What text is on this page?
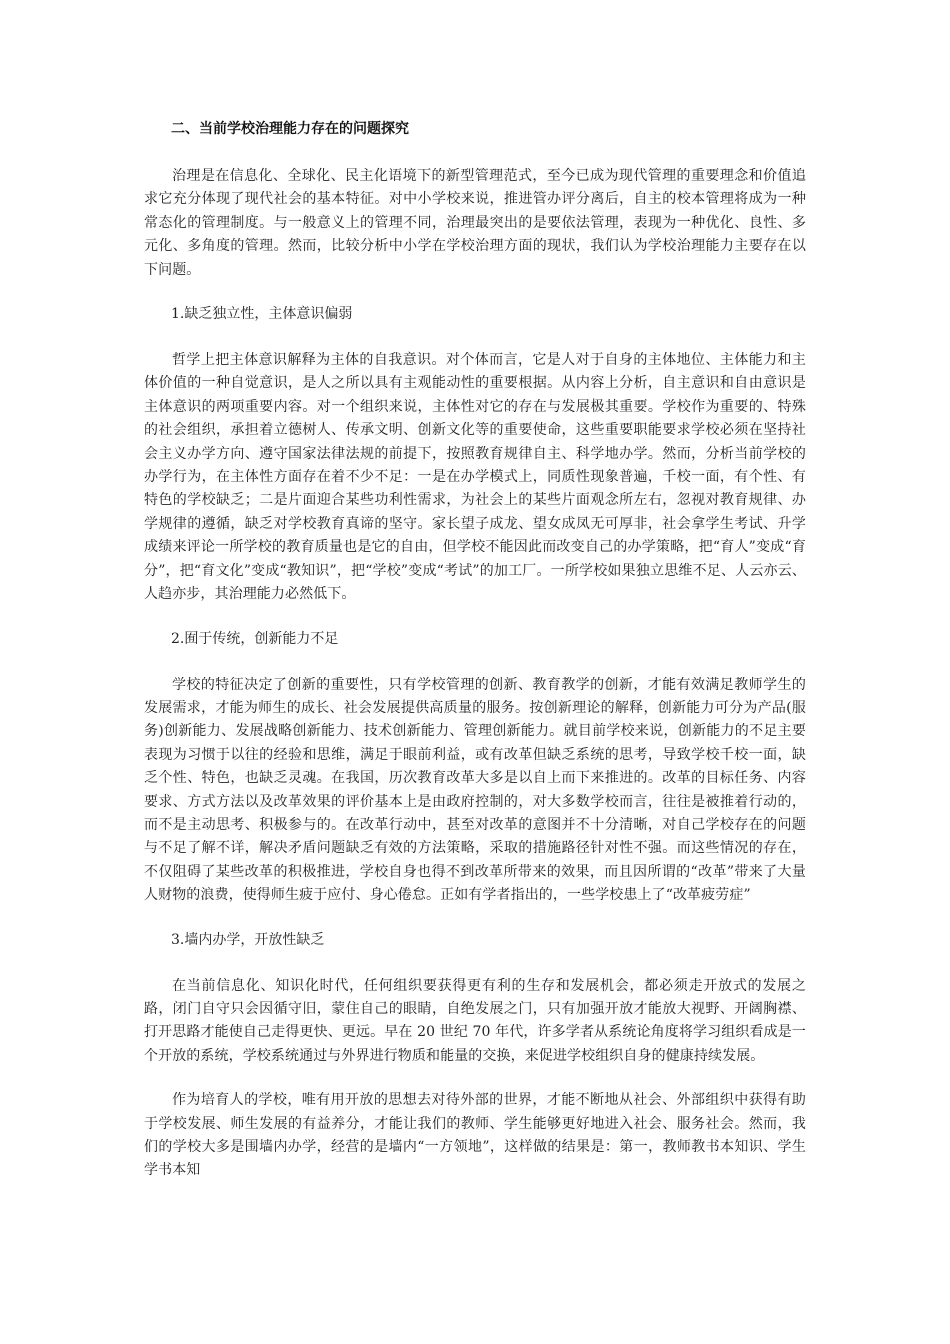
二、当前学校治理能力存在的问题探究

治理是在信息化、全球化、民主化语境下的新型管理范式，至今已成为现代管理的重要理念和价值追求它充分体现了现代社会的基本特征。对中小学校来说，推进管办评分离后，自主的校本管理将成为一种常态化的管理制度。与一般意义上的管理不同，治理最突出的是要依法管理，表现为一种优化、良性、多元化、多角度的管理。然而，比较分析中小学在学校治理方面的现状，我们认为学校治理能力主要存在以下问题。

1.缺乏独立性，主体意识偏弱

哲学上把主体意识解释为主体的自我意识。对个体而言，它是人对于自身的主体地位、主体能力和主体价值的一种自觉意识，是人之所以具有主观能动性的重要根据。从内容上分析，自主意识和自由意识是主体意识的两项重要内容。对一个组织来说，主体性对它的存在与发展极其重要。学校作为重要的、特殊的社会组织，承担着立德树人、传承文明、创新文化等的重要使命，这些重要职能要求学校必须在坚持社会主义办学方向、遵守国家法律法规的前提下，按照教育规律自主、科学地办学。然而，分析当前学校的办学行为，在主体性方面存在着不少不足：一是在办学模式上，同质性现象普遍，千校一面，有个性、有特色的学校缺乏；二是片面迎合某些功利性需求，为社会上的某些片面观念所左右，忽视对教育规律、办学规律的遵循，缺乏对学校教育真谛的坚守。家长望子成龙、望女成凤无可厚非，社会拿学生考试、升学成绩来评论一所学校的教育质量也是它的自由，但学校不能因此而改变自己的办学策略，把“育人”变成“育分”，把“育文化”变成“教知识”，把“学校”变成“考试”的加工厂。一所学校如果独立思维不足、人云亦云、人趋亦步，其治理能力必然低下。

2.囿于传统，创新能力不足

学校的特征决定了创新的重要性，只有学校管理的创新、教育教学的创新，才能有效满足教师学生的发展需求，才能为师生的成长、社会发展提供高质量的服务。按创新理论的解释，创新能力可分为产品(服务)创新能力、发展战略创新能力、技术创新能力、管理创新能力。就目前学校来说，创新能力的不足主要表现为习惯于以往的经验和思维，满足于眼前利益，或有改革但缺乏系统的思考，导致学校千校一面，缺乏个性、特色，也缺乏灵魂。在我国，历次教育改革大多是以自上而下来推进的。改革的目标任务、内容要求、方式方法以及改革效果的评价基本上是由政府控制的，对大多数学校而言，往往是被推着行动的，而不是主动思考、积极参与的。在改革行动中，甚至对改革的意图并不十分清晰，对自己学校存在的问题与不足了解不详，解决矛盾问题缺乏有效的方法策略，采取的措施路径针对性不强。而这些情况的存在，不仅阻碍了某些改革的积极推进，学校自身也得不到改革所带来的效果，而且因所谓的“改革”带来了大量人财物的浪费，使得师生疲于应付、身心倦怠。正如有学者指出的，一些学校患上了“改革疲劳症”

3.墙内办学，开放性缺乏

在当前信息化、知识化时代，任何组织要获得更有利的生存和发展机会，都必须走开放式的发展之路，闭门自守只会因循守旧，蒙住自己的眼睛，自绝发展之门，只有加强开放才能放大视野、开阔胸襟、打开思路才能使自己走得更快、更远。早在 20 世纪 70 年代，许多学者从系统论角度将学习组织看成是一个开放的系统，学校系统通过与外界进行物质和能量的交换，来促进学校组织自身的健康持续发展。

作为培育人的学校，唯有用开放的思想去对待外部的世界，才能不断地从社会、外部组织中获得有助于学校发展、师生发展的有益养分，才能让我们的教师、学生能够更好地进入社会、服务社会。然而，我们的学校大多是围墙内办学，经营的是墙内“一方领地”，这样做的结果是：第一，教师教书本知识、学生学书本知
